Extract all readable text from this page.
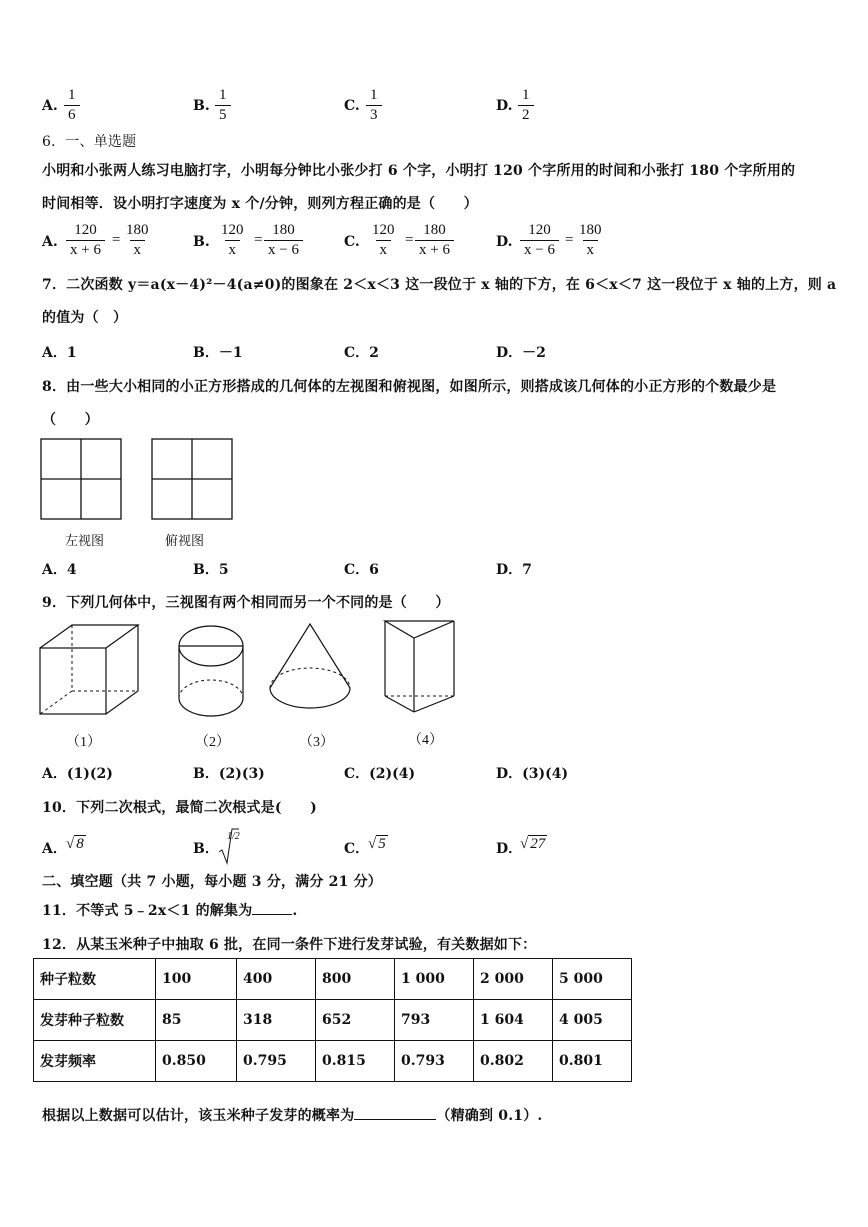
A. $\frac{1}{6}$	B. $\frac{1}{5}$	C. $\frac{1}{3}$	D. $\frac{1}{2}$
6．一、单选题
小明和小张两人练习电脑打字，小明每分钟比小张少打 6 个字，小明打 120 个字所用的时间和小张打 180 个字所用的
时间相等．设小明打字速度为 x 个/分钟，则列方程正确的是（　　）
A. $\frac{120}{x + 6} = \frac{180}{x}$	B. $\frac{120}{x} = \frac{180}{x - 6}$	C. $\frac{120}{x} = \frac{180}{x + 6}$	D. $\frac{120}{x - 6} = \frac{180}{x}$
7．二次函数 y＝a(x－4)²－4(a≠0)的图象在 2＜x＜3 这一段位于 x 轴的下方，在 6＜x＜7 这一段位于 x 轴的上方，则 a
的值为（　）
A．1	B．－1	C．2	D．－2
8．由一些大小相同的小正方形搭成的几何体的左视图和俯视图，如图所示，则搭成该几何体的小正方形的个数最少是
（　　）
左视图	俯视图
A．4	B．5	C．6	D．7
9．下列几何体中，三视图有两个相同而另一个不同的是（　　）
（1）	（2）	（3）	（4）
A．(1)(2)	B．(2)(3)	C．(2)(4)	D．(3)(4)
10．下列二次根式，最简二次根式是(　　)
A． √ 8	B．
1/2
C．
√ 5	D．
√ 27
二、填空题（共 7 小题，每小题 3 分，满分 21 分）
11．不等式 5﹣2x＜1 的解集为	.
12．从某玉米种子中抽取 6 批，在同一条件下进行发芽试验，有关数据如下：
种子粒数	100	400	800	1 000	2 000	5 000
发芽种子粒数	85	318	652	793	1 604	4 005
发芽频率	0.850	0.795	0.815	0.793	0.802	0.801
根据以上数据可以估计，该玉米种子发芽的概率为	（精确到 0.1）.
